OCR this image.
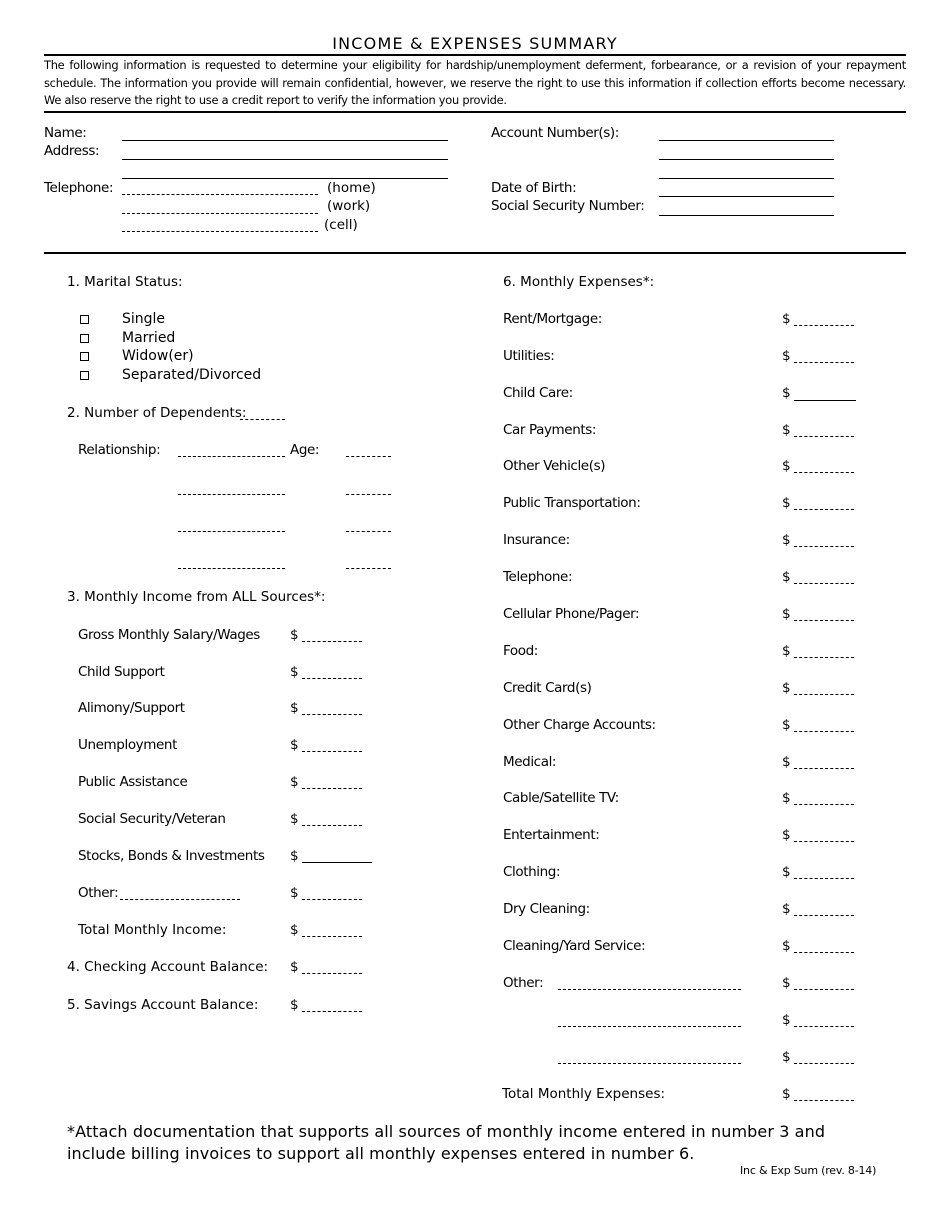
INCOME & EXPENSES SUMMARY
The following information is requested to determine your eligibility for hardship/unemployment deferment, forbearance, or a revision of your repayment schedule. The information you provide will remain confidential, however, we reserve the right to use this information if collection efforts become necessary. We also reserve the right to use a credit report to verify the information you provide.
Name:
Address:
Telephone:	(home)
(work)
(cell)
Account Number(s):
Date of Birth:
Social Security Number:
1. Marital Status:
Single
Married
Widow(er)
Separated/Divorced
2. Number of Dependents:
Relationship:	Age:
3. Monthly Income from ALL Sources*:
Gross Monthly Salary/Wages $
Child Support	$
Alimony/Support	$
Unemployment	$
Public Assistance	$
Social Security/Veteran	$
Stocks, Bonds & Investments $
Other:	$
Total Monthly Income:	$
4. Checking Account Balance: $
5. Savings Account Balance: $
6. Monthly Expenses*:
Rent/Mortgage:	$
Utilities:	$
Child Care:	$
Car Payments:	$
Other Vehicle(s)	$
Public Transportation:	$
Insurance:	$
Telephone:	$
Cellular Phone/Pager:	$
Food:	$
Credit Card(s)	$
Other Charge Accounts:	$
Medical:	$
Cable/Satellite TV:	$
Entertainment:	$
Clothing:	$
Dry Cleaning:	$
Cleaning/Yard Service:	$
Other:	$
$
$
Total Monthly Expenses:	$
*Attach documentation that supports all sources of monthly income entered in number 3 and include billing invoices to support all monthly expenses entered in number 6.
Inc & Exp Sum (rev. 8-14)
